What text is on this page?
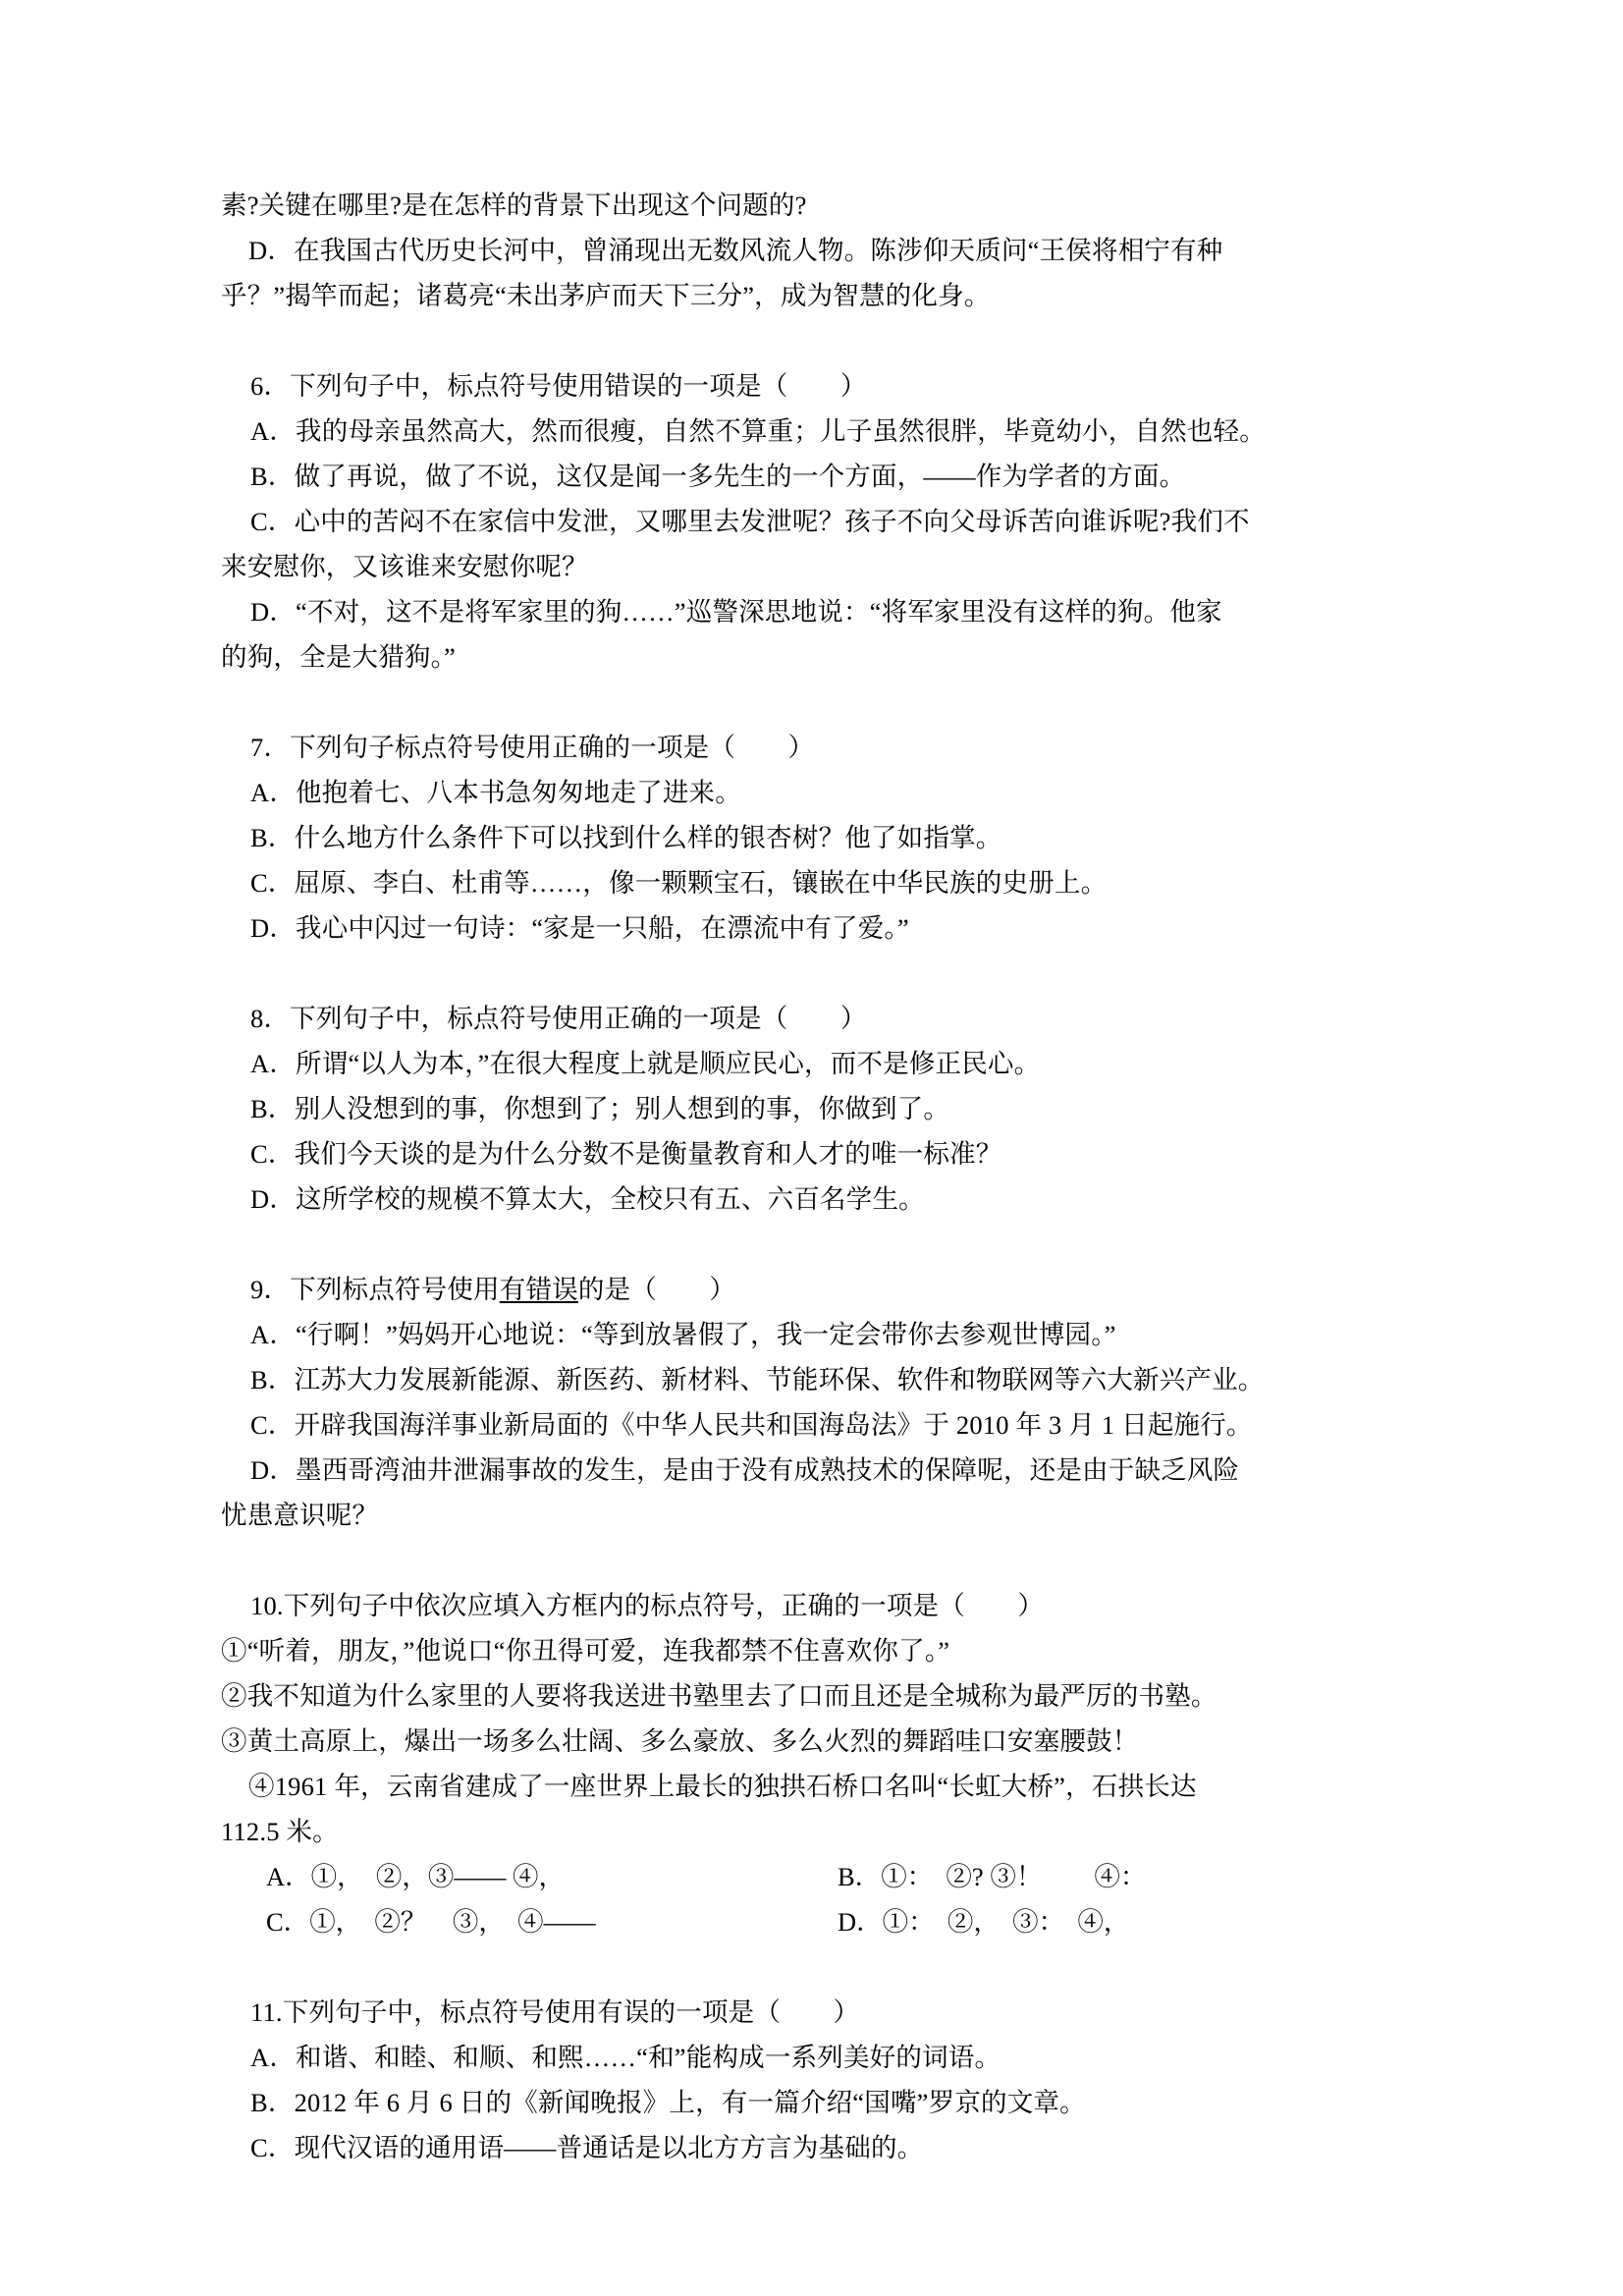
素?关键在哪里?是在怎样的背景下出现这个问题的?
D．在我国古代历史长河中，曾涌现出无数风流人物。陈涉仰天质问“王侯将相宁有种
乎？”揭竿而起；诸葛亮“未出茅庐而天下三分”，成为智慧的化身。
6．下列句子中，标点符号使用错误的一项是（　　）
A．我的母亲虽然高大，然而很瘦，自然不算重；儿子虽然很胖，毕竟幼小，自然也轻。
B．做了再说，做了不说，这仅是闻一多先生的一个方面，——作为学者的方面。
C．心中的苦闷不在家信中发泄，又哪里去发泄呢？孩子不向父母诉苦向谁诉呢?我们不
来安慰你，又该谁来安慰你呢？
D．“不对，这不是将军家里的狗……”巡警深思地说：“将军家里没有这样的狗。他家
的狗，全是大猎狗。”
7．下列句子标点符号使用正确的一项是（　　）
A．他抱着七、八本书急匆匆地走了进来。
B．什么地方什么条件下可以找到什么样的银杏树？他了如指掌。
C．屈原、李白、杜甫等……，像一颗颗宝石，镶嵌在中华民族的史册上。
D．我心中闪过一句诗：“家是一只船，在漂流中有了爱。”
8．下列句子中，标点符号使用正确的一项是（　　）
A．所谓“以人为本，”在很大程度上就是顺应民心，而不是修正民心。
B．别人没想到的事，你想到了；别人想到的事，你做到了。
C．我们今天谈的是为什么分数不是衡量教育和人才的唯一标准？
D．这所学校的规模不算太大，全校只有五、六百名学生。
9．下列标点符号使用有错误的是（　　）
A．“行啊！”妈妈开心地说：“等到放暑假了，我一定会带你去参观世博园。”
B．江苏大力发展新能源、新医药、新材料、节能环保、软件和物联网等六大新兴产业。
C．开辟我国海洋事业新局面的《中华人民共和国海岛法》于 2010 年 3 月 1 日起施行。
D．墨西哥湾油井泄漏事故的发生，是由于没有成熟技术的保障呢，还是由于缺乏风险
忧患意识呢？
10.下列句子中依次应填入方框内的标点符号，正确的一项是（　　）
①“听着，朋友，”他说口“你丑得可爱，连我都禁不住喜欢你了。”
②我不知道为什么家里的人要将我送进书塾里去了口而且还是全城称为最严厉的书塾。
③黄土高原上，爆出一场多么壮阔、多么豪放、多么火烈的舞蹈哇口安塞腰鼓！
④1961 年，云南省建成了一座世界上最长的独拱石桥口名叫“长虹大桥”，石拱长达
112.5 米。
A．①，　②，③—— ④，	B．①：　②? ③！　　④：
C．①，　②？　③，　④——	D．①：　②，　③：　④，
11.下列句子中，标点符号使用有误的一项是（　　）
A．和谐、和睦、和顺、和煕……“和”能构成一系列美好的词语。
B．2012 年 6 月 6 日的《新闻晚报》上，有一篇介绍“国嘴”罗京的文章。
C．现代汉语的通用语——普通话是以北方方言为基础的。
